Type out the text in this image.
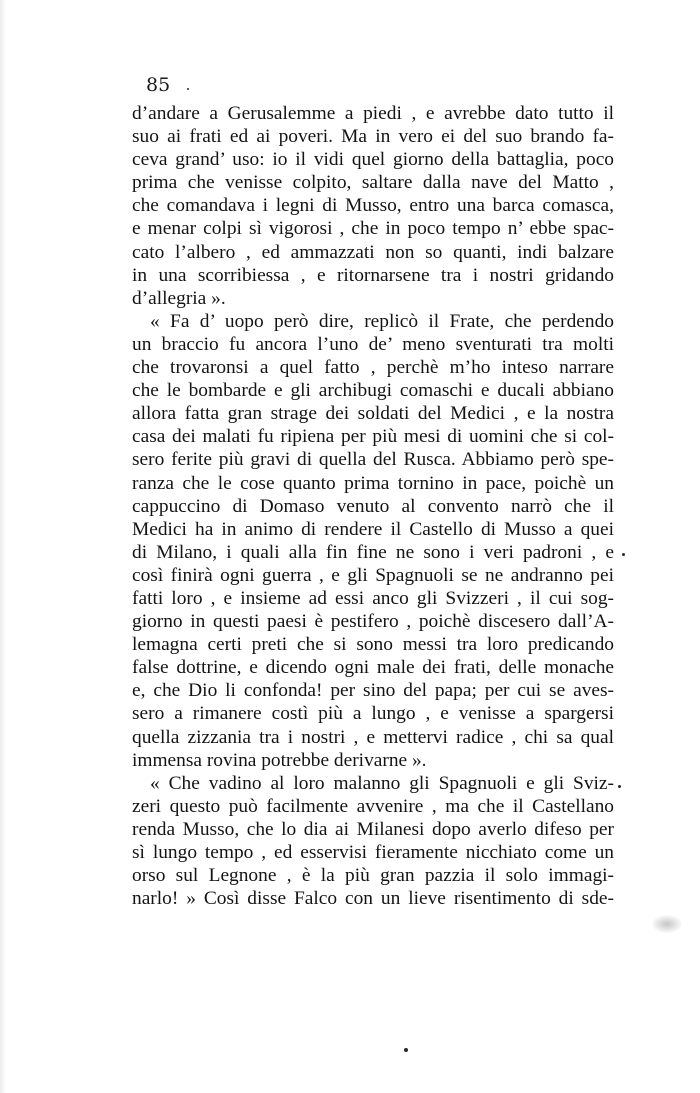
85
d’andare a Gerusalemme a piedi , e avrebbe dato tutto il
suo ai frati ed ai poveri. Ma in vero ei del suo brando fa-
ceva grand’ uso: io il vidi quel giorno della battaglia, poco
prima che venisse colpito, saltare dalla nave del Matto ,
che comandava i legni di Musso, entro una barca comasca,
e menar colpi sì vigorosi , che in poco tempo n’ ebbe spac-
cato l’albero , ed ammazzati non so quanti, indi balzare
in una scorribiessa , e ritornarsene tra i nostri gridando
d’allegria ».
« Fa d’ uopo però dire, replicò il Frate, che perdendo
un braccio fu ancora l’uno de’ meno sventurati tra molti
che trovaronsi a quel fatto , perchè m’ho inteso narrare
che le bombarde e gli archibugi comaschi e ducali abbiano
allora fatta gran strage dei soldati del Medici , e la nostra
casa dei malati fu ripiena per più mesi di uomini che si col-
sero ferite più gravi di quella del Rusca. Abbiamo però spe-
ranza che le cose quanto prima tornino in pace, poichè un
cappuccino di Domaso venuto al convento narrò che il
Medici ha in animo di rendere il Castello di Musso a quei
di Milano, i quali alla fin fine ne sono i veri padroni , e
così finirà ogni guerra , e gli Spagnuoli se ne andranno pei
fatti loro , e insieme ad essi anco gli Svizzeri , il cui sog-
giorno in questi paesi è pestifero , poichè discesero dall’A-
lemagna certi preti che si sono messi tra loro predicando
false dottrine, e dicendo ogni male dei frati, delle monache
e, che Dio li confonda! per sino del papa; per cui se aves-
sero a rimanere costì più a lungo , e venisse a spargersi
quella zizzania tra i nostri , e mettervi radice , chi sa qual
immensa rovina potrebbe derivarne ».
« Che vadino al loro malanno gli Spagnuoli e gli Sviz-
zeri questo può facilmente avvenire , ma che il Castellano
renda Musso, che lo dia ai Milanesi dopo averlo difeso per
sì lungo tempo , ed esservisi fieramente nicchiato come un
orso sul Legnone , è la più gran pazzia il solo immagi-
narlo! » Così disse Falco con un lieve risentimento di sde-
